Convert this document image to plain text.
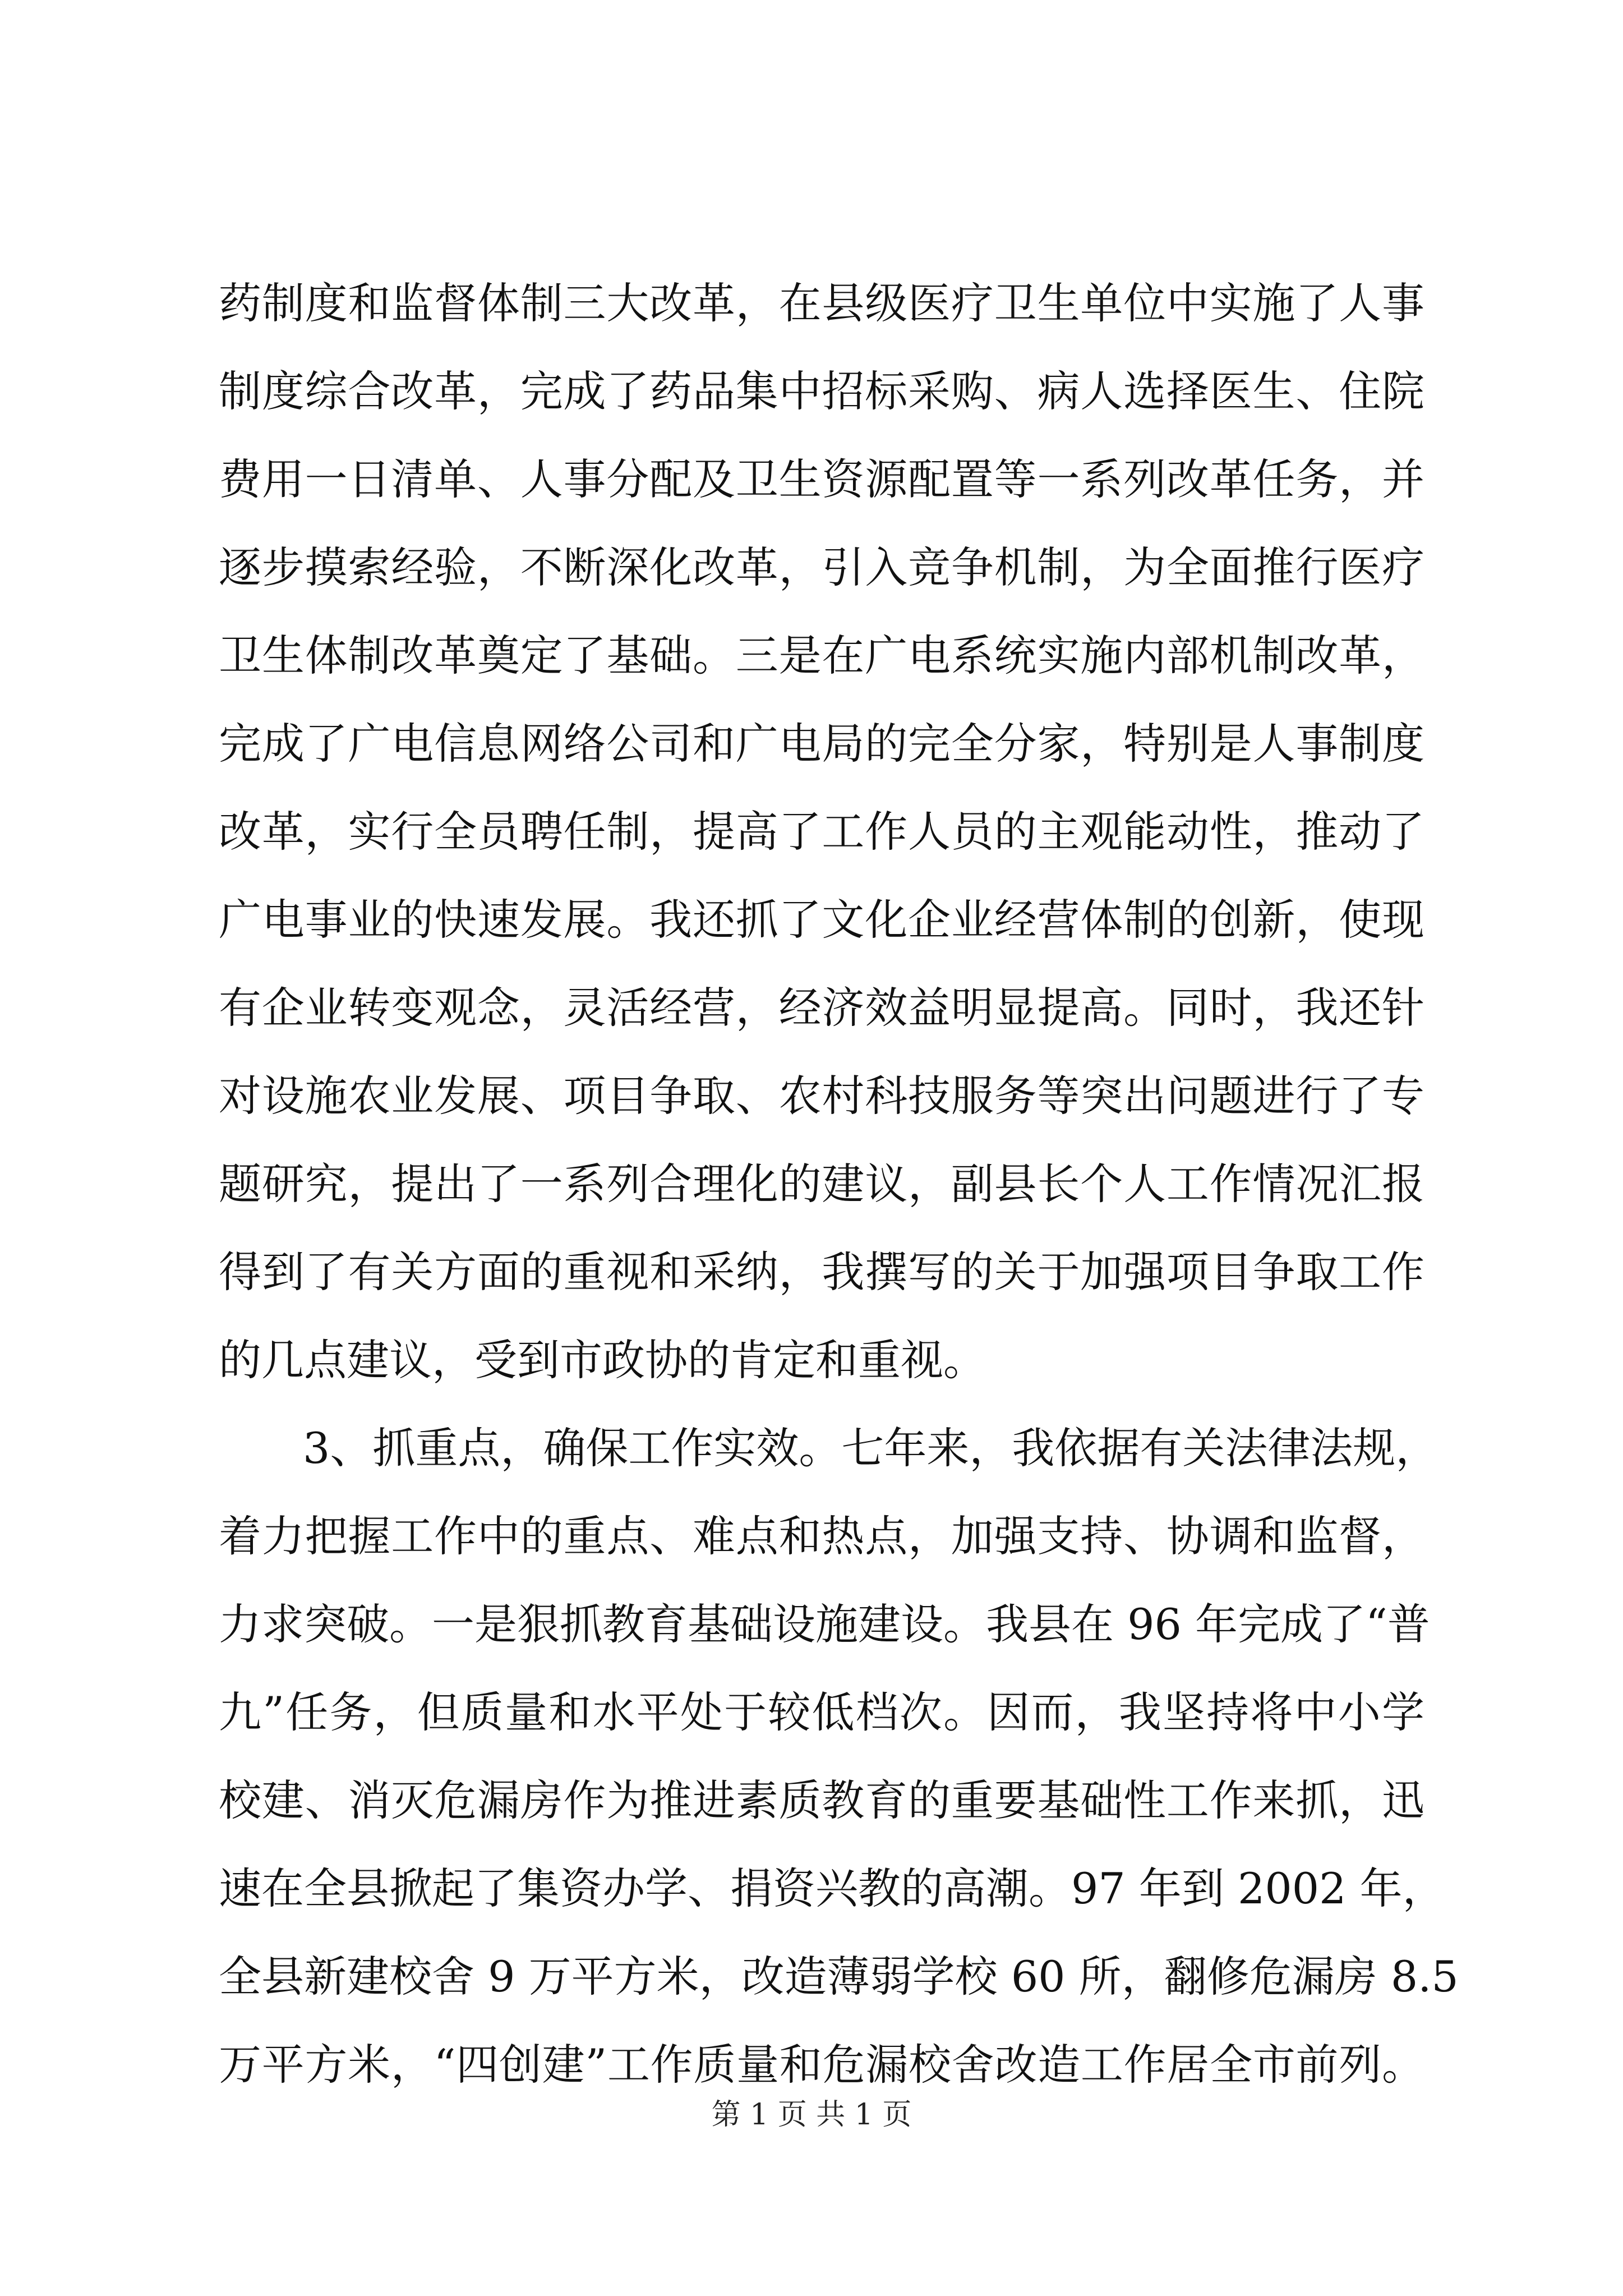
药制度和监督体制三大改革，在县级医疗卫生单位中实施了人事
制度综合改革，完成了药品集中招标采购、病人选择医生、住院
费用一日清单、人事分配及卫生资源配置等一系列改革任务，并
逐步摸索经验，不断深化改革，引入竞争机制，为全面推行医疗
卫生体制改革奠定了基础。三是在广电系统实施内部机制改革，
完成了广电信息网络公司和广电局的完全分家，特别是人事制度
改革，实行全员聘任制，提高了工作人员的主观能动性，推动了
广电事业的快速发展。我还抓了文化企业经营体制的创新，使现
有企业转变观念，灵活经营，经济效益明显提高。同时，我还针
对设施农业发展、项目争取、农村科技服务等突出问题进行了专
题研究，提出了一系列合理化的建议，副县长个人工作情况汇报
得到了有关方面的重视和采纳，我撰写的关于加强项目争取工作
的几点建议，受到市政协的肯定和重视。
3、抓重点，确保工作实效。七年来，我依据有关法律法规，
着力把握工作中的重点、难点和热点，加强支持、协调和监督，
力求突破。一是狠抓教育基础设施建设。我县在 96 年完成了“普
九”任务，但质量和水平处于较低档次。因而，我坚持将中小学
校建、消灭危漏房作为推进素质教育的重要基础性工作来抓，迅
速在全县掀起了集资办学、捐资兴教的高潮。97 年到 2002 年，
全县新建校舍 9 万平方米，改造薄弱学校 60 所，翻修危漏房 8.5
万平方米，“四创建”工作质量和危漏校舍改造工作居全市前列。
第 1 页 共 1 页
